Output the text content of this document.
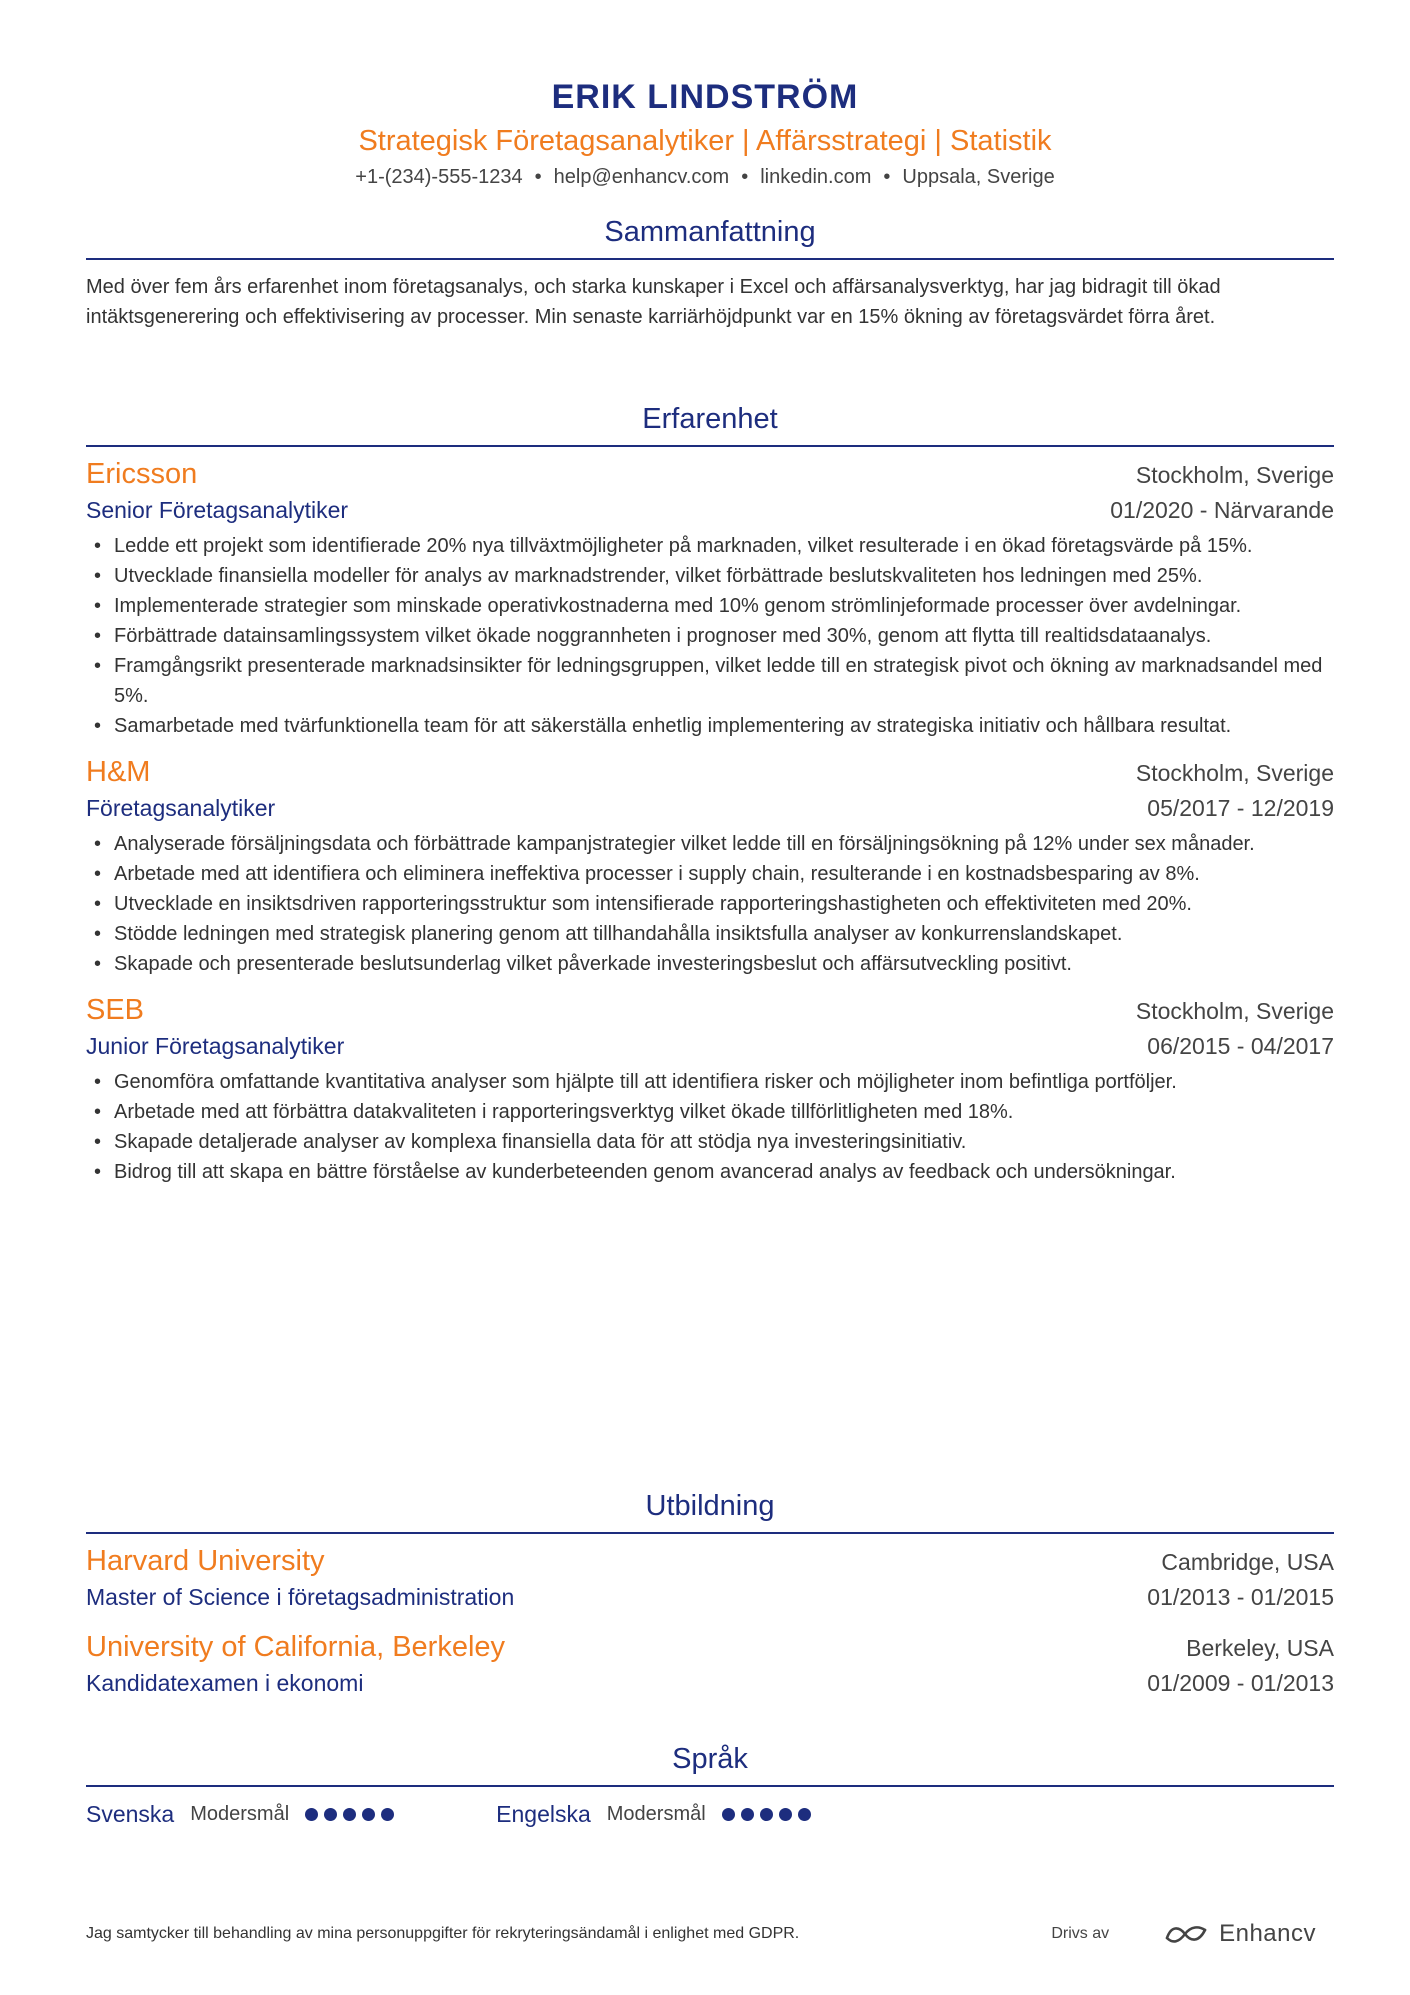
ERIK LINDSTRÖM
Strategisk Företagsanalytiker | Affärsstrategi | Statistik
+1-(234)-555-1234 • help@enhancv.com • linkedin.com • Uppsala, Sverige
Sammanfattning
Med över fem års erfarenhet inom företagsanalys, och starka kunskaper i Excel och affärsanalysverktyg, har jag bidragit till ökad intäktsgenerering och effektivisering av processer. Min senaste karriärhöjdpunkt var en 15% ökning av företagsvärdet förra året.
Erfarenhet
Ericsson	Stockholm, Sverige
Senior Företagsanalytiker	01/2020 - Närvarande
• Ledde ett projekt som identifierade 20% nya tillväxtmöjligheter på marknaden, vilket resulterade i en ökad företagsvärde på 15%.
• Utvecklade finansiella modeller för analys av marknadstrender, vilket förbättrade beslutskvaliteten hos ledningen med 25%.
• Implementerade strategier som minskade operativkostnaderna med 10% genom strömlinjeformade processer över avdelningar.
• Förbättrade datainsamlingssystem vilket ökade noggrannheten i prognoser med 30%, genom att flytta till realtidsdataanalys.
• Framgångsrikt presenterade marknadsinsikter för ledningsgruppen, vilket ledde till en strategisk pivot och ökning av marknadsandel med 5%.
• Samarbetade med tvärfunktionella team för att säkerställa enhetlig implementering av strategiska initiativ och hållbara resultat.
H&M	Stockholm, Sverige
Företagsanalytiker	05/2017 - 12/2019
• Analyserade försäljningsdata och förbättrade kampanjstrategier vilket ledde till en försäljningsökning på 12% under sex månader.
• Arbetade med att identifiera och eliminera ineffektiva processer i supply chain, resulterande i en kostnadsbesparing av 8%.
• Utvecklade en insiktsdriven rapporteringsstruktur som intensifierade rapporteringshastigheten och effektiviteten med 20%.
• Stödde ledningen med strategisk planering genom att tillhandahålla insiktsfulla analyser av konkurrenslandskapet.
• Skapade och presenterade beslutsunderlag vilket påverkade investeringsbeslut och affärsutveckling positivt.
SEB	Stockholm, Sverige
Junior Företagsanalytiker	06/2015 - 04/2017
• Genomföra omfattande kvantitativa analyser som hjälpte till att identifiera risker och möjligheter inom befintliga portföljer.
• Arbetade med att förbättra datakvaliteten i rapporteringsverktyg vilket ökade tillförlitligheten med 18%.
• Skapade detaljerade analyser av komplexa finansiella data för att stödja nya investeringsinitiativ.
• Bidrog till att skapa en bättre förståelse av kunderbeteenden genom avancerad analys av feedback och undersökningar.
Utbildning
Harvard University	Cambridge, USA
Master of Science i företagsadministration	01/2013 - 01/2015
University of California, Berkeley	Berkeley, USA
Kandidatexamen i ekonomi	01/2009 - 01/2013
Språk
Svenska Modersmål	Engelska Modersmål
Jag samtycker till behandling av mina personuppgifter för rekryteringsändamål i enlighet med GDPR.	Drivs av	Enhancv
